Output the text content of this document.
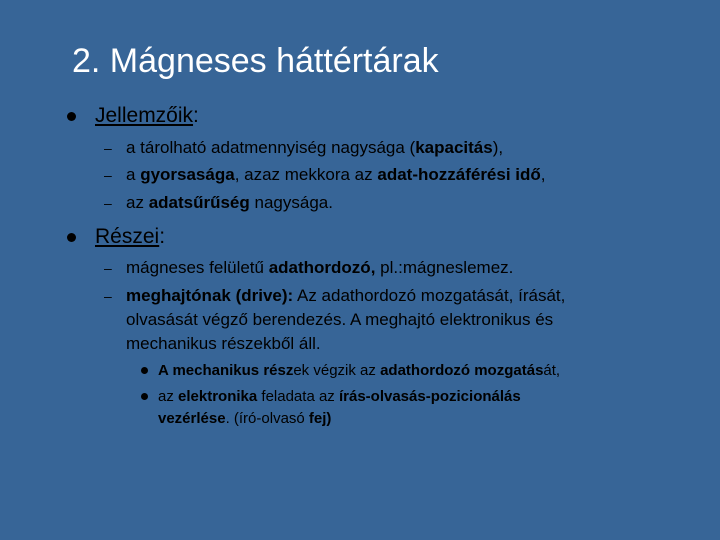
2. Mágneses háttértárak
Jellemzőik:
– a tárolható adatmennyiség nagysága (kapacitás),
– a gyorsasága, azaz mekkora az adat-hozzáférési idő,
– az adatsűrűség nagysága.
Részei:
– mágneses felületű adathordozó, pl.:mágneslemez.
– meghajtónak (drive): Az adathordozó mozgatását, írását,
olvasását végző berendezés. A meghajtó elektronikus és
mechanikus részekből áll.
A mechanikus részek végzik az adathordozó mozgatását,
az elektronika feladata az írás-olvasás-pozicionálás
vezérlése. (író-olvasó fej)
